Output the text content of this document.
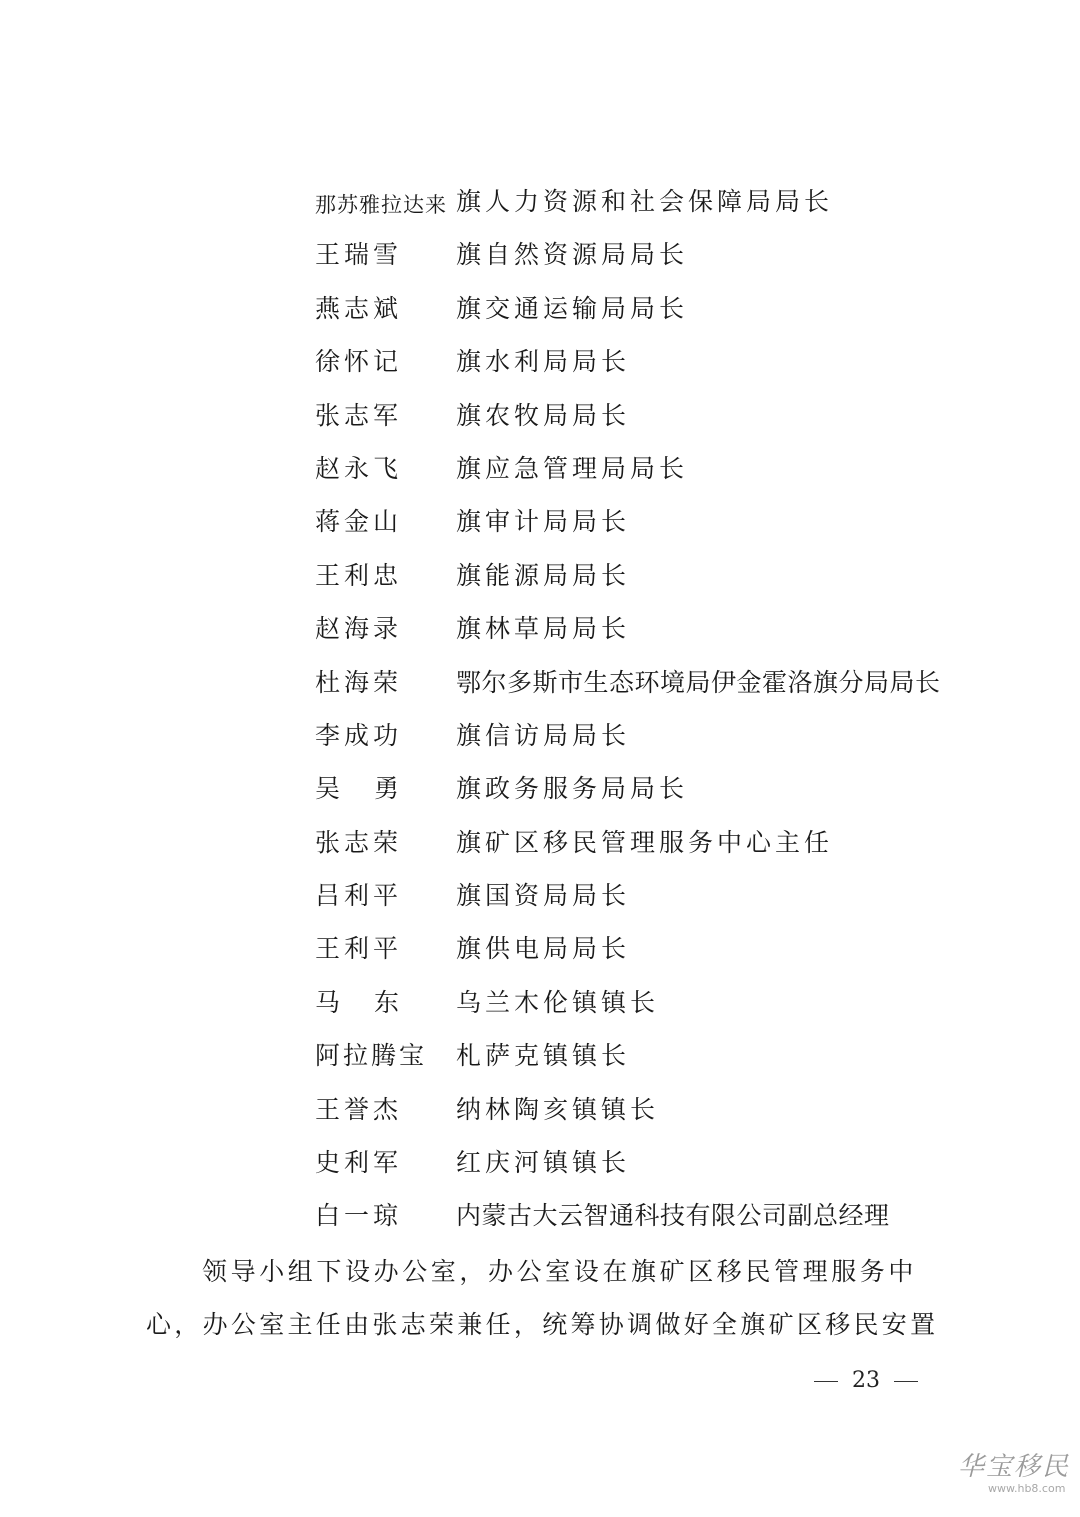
那苏雅拉达来 旗人力资源和社会保障局局长
王瑞雪 旗自然资源局局长
燕志斌 旗交通运输局局长
徐怀记 旗水利局局长
张志军 旗农牧局局长
赵永飞 旗应急管理局局长
蒋金山 旗审计局局长
王利忠 旗能源局局长
赵海录 旗林草局局长
杜海荣 鄂尔多斯市生态环境局伊金霍洛旗分局局长
李成功 旗信访局局长
吴勇 旗政务服务局局长
张志荣 旗矿区移民管理服务中心主任
吕利平 旗国资局局长
王利平 旗供电局局长
马东 乌兰木伦镇镇长
阿拉腾宝 札萨克镇镇长
王誉杰 纳林陶亥镇镇长
史利军 红庆河镇镇长
白一琼 内蒙古大云智通科技有限公司副总经理
领导小组下设办公室，办公室设在旗矿区移民管理服务中
心，办公室主任由张志荣兼任，统筹协调做好全旗矿区移民安置
23
华宝移民
www.hb8.com
